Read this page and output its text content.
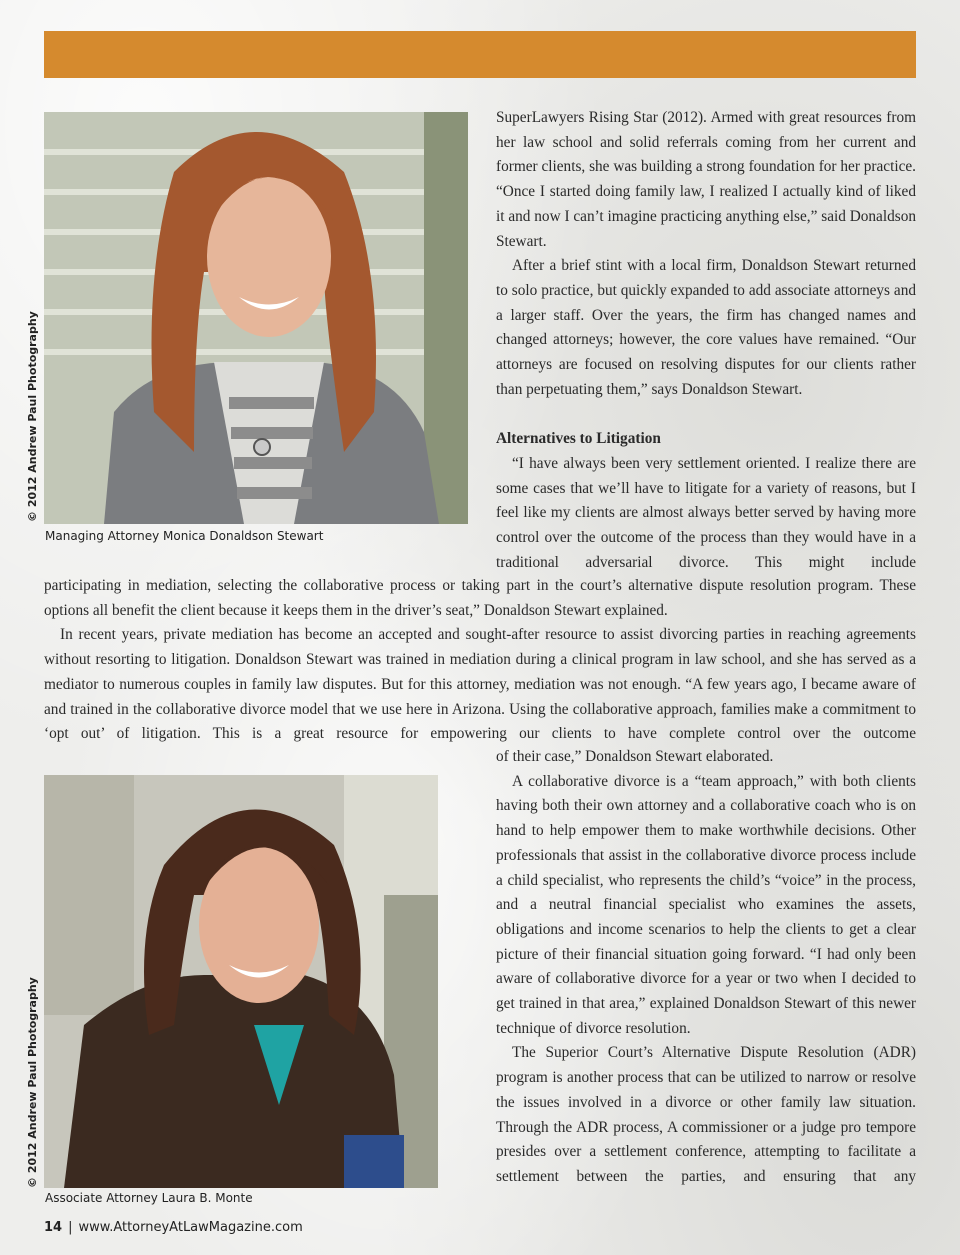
© 2012 Andrew Paul Photography
Managing Attorney Monica Donaldson Stewart
© 2012 Andrew Paul Photography
Associate Attorney Laura B. Monte

SuperLawyers Rising Star (2012). Armed with great resources from her law school and solid referrals coming from her current and former clients, she was building a strong foundation for her practice. “Once I started doing family law, I realized I actually kind of liked it and now I can’t imagine practicing anything else,” said Donaldson Stewart.

After a brief stint with a local firm, Donaldson Stewart returned to solo practice, but quickly expanded to add associate attorneys and a larger staff. Over the years, the firm has changed names and changed attorneys; however, the core values have remained. “Our attorneys are focused on resolving disputes for our clients rather than perpetuating them,” says Donaldson Stewart.

Alternatives to Litigation

“I have always been very settlement oriented. I realize there are some cases that we’ll have to litigate for a variety of reasons, but I feel like my clients are almost always better served by having more control over the outcome of the process than they would have in a traditional adversarial divorce. This might include

participating in mediation, selecting the collaborative process or taking part in the court’s alternative dispute resolution program. These options all benefit the client because it keeps them in the driver’s seat,” Donaldson Stewart explained.

In recent years, private mediation has become an accepted and sought-after resource to assist divorcing parties in reaching agreements without resorting to litigation. Donaldson Stewart was trained in mediation during a clinical program in law school, and she has served as a mediator to numerous couples in family law disputes. But for this attorney, mediation was not enough. “A few years ago, I became aware of and trained in the collaborative divorce model that we use here in Arizona. Using the collaborative approach, families make a commitment to ‘opt out’ of litigation. This is a great resource for empowering our clients to have complete control over the outcome

of their case,” Donaldson Stewart elaborated.

A collaborative divorce is a “team approach,” with both clients having both their own attorney and a collaborative coach who is on hand to help empower them to make worthwhile decisions. Other professionals that assist in the collaborative divorce process include a child specialist, who represents the child’s “voice” in the process, and a neutral financial specialist who examines the assets, obligations and income scenarios to help the clients to get a clear picture of their financial situation going forward. “I had only been aware of collaborative divorce for a year or two when I decided to get trained in that area,” explained Donaldson Stewart of this newer technique of divorce resolution.

The Superior Court’s Alternative Dispute Resolution (ADR) program is another process that can be utilized to narrow or resolve the issues involved in a divorce or other family law situation. Through the ADR process, A commissioner or a judge pro tempore presides over a settlement conference, attempting to facilitate a settlement between the parties, and ensuring that any

14 | www.AttorneyAtLawMagazine.com
